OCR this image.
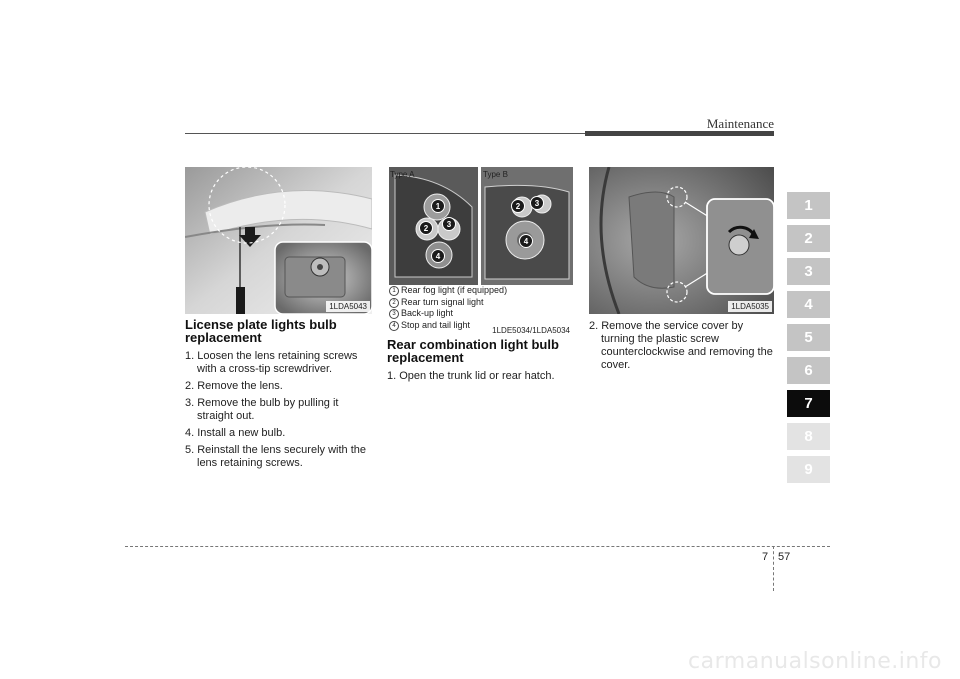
Maintenance
1
2
3
4
5
6
7
8
9
1LDA5043
Type A	Type B
1
2	3
4
2	3
4
1LDE5034/1LDA5034
1 Rear fog light (if equipped)
2 Rear turn signal light
3 Back-up light
4 Stop and tail light
1LDA5035
License plate lights bulb replacement
1. Loosen the lens retaining screws with a cross-tip screwdriver.
2. Remove the lens.
3. Remove the bulb by pulling it straight out.
4. Install a new bulb.
5. Reinstall the lens securely with the lens retaining screws.
Rear combination light bulb replacement
1. Open the trunk lid or rear hatch.
2. Remove the service cover by turning the plastic screw counterclockwise and removing the cover.
7 57
carmanualsonline.info
